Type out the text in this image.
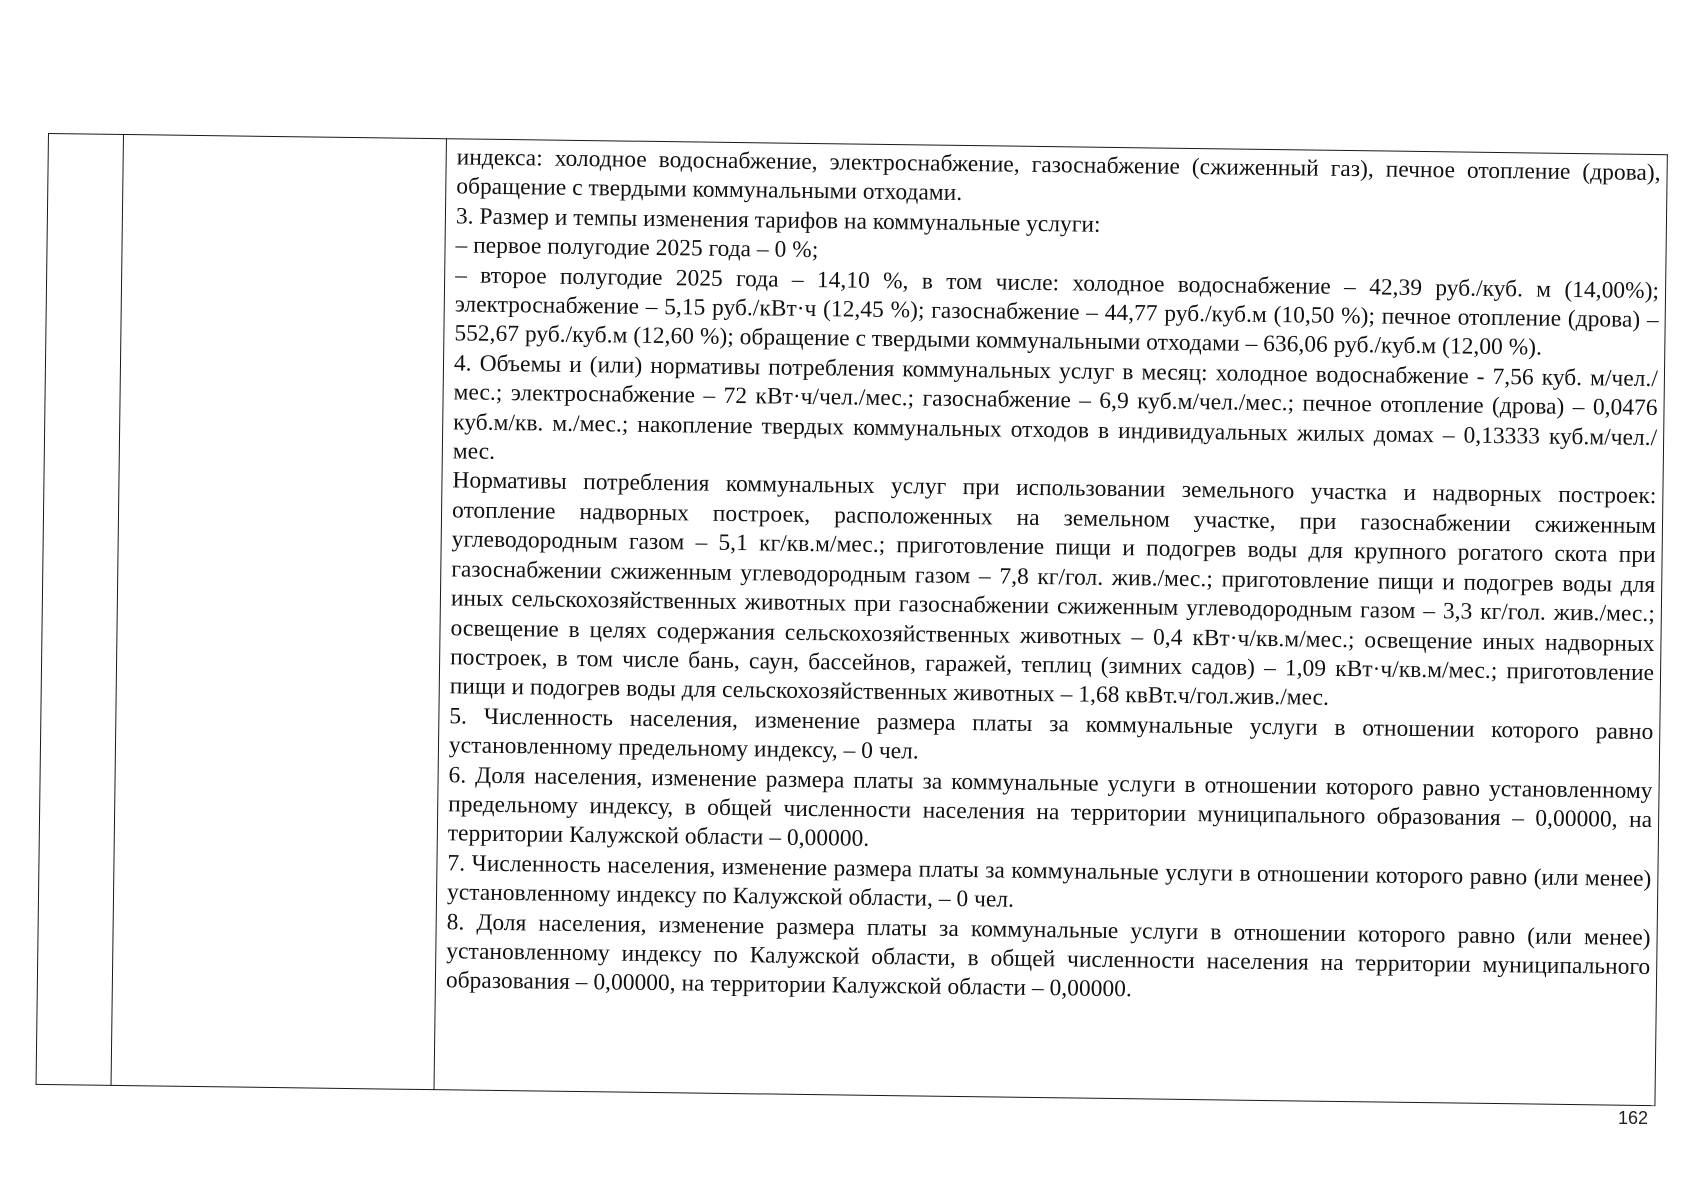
индекса: холодное водоснабжение, электроснабжение, газоснабжение (сжиженный газ), печное отопление (дрова), обращение с твердыми коммунальными отходами.

3. Размер и темпы изменения тарифов на коммунальные услуги:

– первое полугодие 2025 года – 0 %;

– второе полугодие 2025 года – 14,10 %, в том числе: холодное водоснабжение – 42,39 руб./куб. м (14,00%); электроснабжение – 5,15 руб./кВт·ч (12,45 %); газоснабжение – 44,77 руб./куб.м (10,50 %); печное отопление (дрова) – 552,67 руб./куб.м (12,60 %); обращение с твердыми коммунальными отходами – 636,06 руб./куб.м (12,00 %).

4. Объемы и (или) нормативы потребления коммунальных услуг в месяц: холодное водоснабжение - 7,56 куб. м/чел./мес.; электроснабжение – 72 кВт·ч/чел./мес.; газоснабжение – 6,9 куб.м/чел./мес.; печное отопление (дрова) – 0,0476 куб.м/кв. м./мес.; накопление твердых коммунальных отходов в индивидуальных жилых домах – 0,13333 куб.м/чел./мес.

Нормативы потребления коммунальных услуг при использовании земельного участка и надворных построек: отопление надворных построек, расположенных на земельном участке, при газоснабжении сжиженным углеводородным газом – 5,1 кг/кв.м/мес.; приготовление пищи и подогрев воды для крупного рогатого скота при газоснабжении сжиженным углеводородным газом – 7,8 кг/гол. жив./мес.; приготовление пищи и подогрев воды для иных сельскохозяйственных животных при газоснабжении сжиженным углеводородным газом – 3,3 кг/гол. жив./мес.; освещение в целях содержания сельскохозяйственных животных – 0,4 кВт·ч/кв.м/мес.; освещение иных надворных построек, в том числе бань, саун, бассейнов, гаражей, теплиц (зимних садов) – 1,09 кВт·ч/кв.м/мес.; приготовление пищи и подогрев воды для сельскохозяйственных животных – 1,68 квВт.ч/гол.жив./мес.

5. Численность населения, изменение размера платы за коммунальные услуги в отношении которого равно установленному предельному индексу, – 0 чел.

6. Доля населения, изменение размера платы за коммунальные услуги в отношении которого равно установленному предельному индексу, в общей численности населения на территории муниципального образования – 0,00000, на территории Калужской области – 0,00000.

7. Численность населения, изменение размера платы за коммунальные услуги в отношении которого равно (или менее) установленному индексу по Калужской области, – 0 чел.

8. Доля населения, изменение размера платы за коммунальные услуги в отношении которого равно (или менее) установленному индексу по Калужской области, в общей численности населения на территории муниципального образования – 0,00000, на территории Калужской области – 0,00000.

162
